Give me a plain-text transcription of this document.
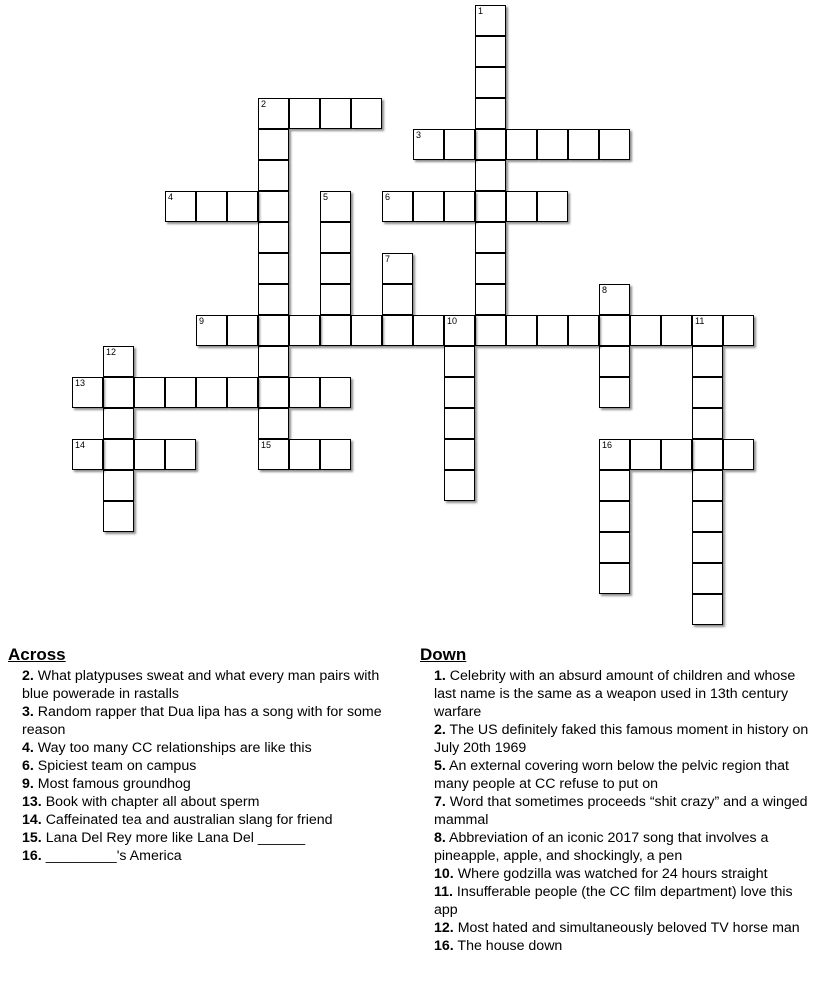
1
2
15
3
4	5	6
7
8
9	10	11
12
13
14	16
Across
2. What platypuses sweat and what every man pairs with blue powerade in rastalls
3. Random rapper that Dua lipa has a song with for some reason
4. Way too many CC relationships are like this
6. Spiciest team on campus
9. Most famous groundhog
13. Book with chapter all about sperm
14. Caffeinated tea and australian slang for friend
15. Lana Del Rey more like Lana Del ______
16. _________'s America
Down
1. Celebrity with an absurd amount of children and whose last name is the same as a weapon used in 13th century warfare
2. The US definitely faked this famous moment in history on July 20th 1969
5. An external covering worn below the pelvic region that many people at CC refuse to put on
7. Word that sometimes proceeds “shit crazy” and a winged mammal
8. Abbreviation of an iconic 2017 song that involves a pineapple, apple, and shockingly, a pen
10. Where godzilla was watched for 24 hours straight
11. Insufferable people (the CC film department) love this app
12. Most hated and simultaneously beloved TV horse man
16. The house down
